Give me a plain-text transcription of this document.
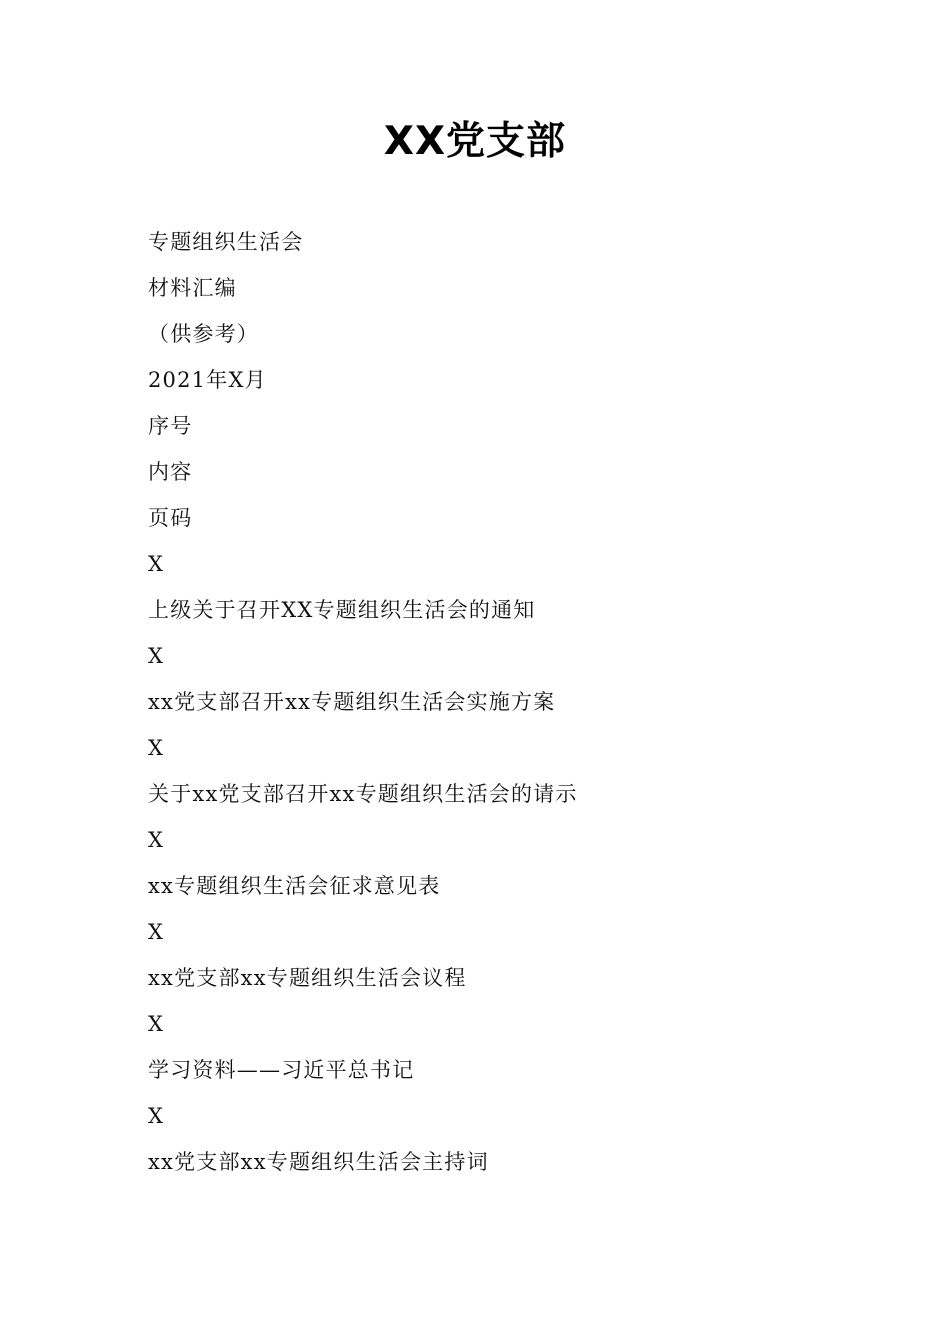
XX党支部

专题组织生活会

材料汇编

（供参考）

2021年X月

序号

内容

页码

X

上级关于召开XX专题组织生活会的通知

X

xx党支部召开xx专题组织生活会实施方案

X

关于xx党支部召开xx专题组织生活会的请示

X

xx专题组织生活会征求意见表

X

xx党支部xx专题组织生活会议程

X

学习资料——习近平总书记

X

xx党支部xx专题组织生活会主持词
